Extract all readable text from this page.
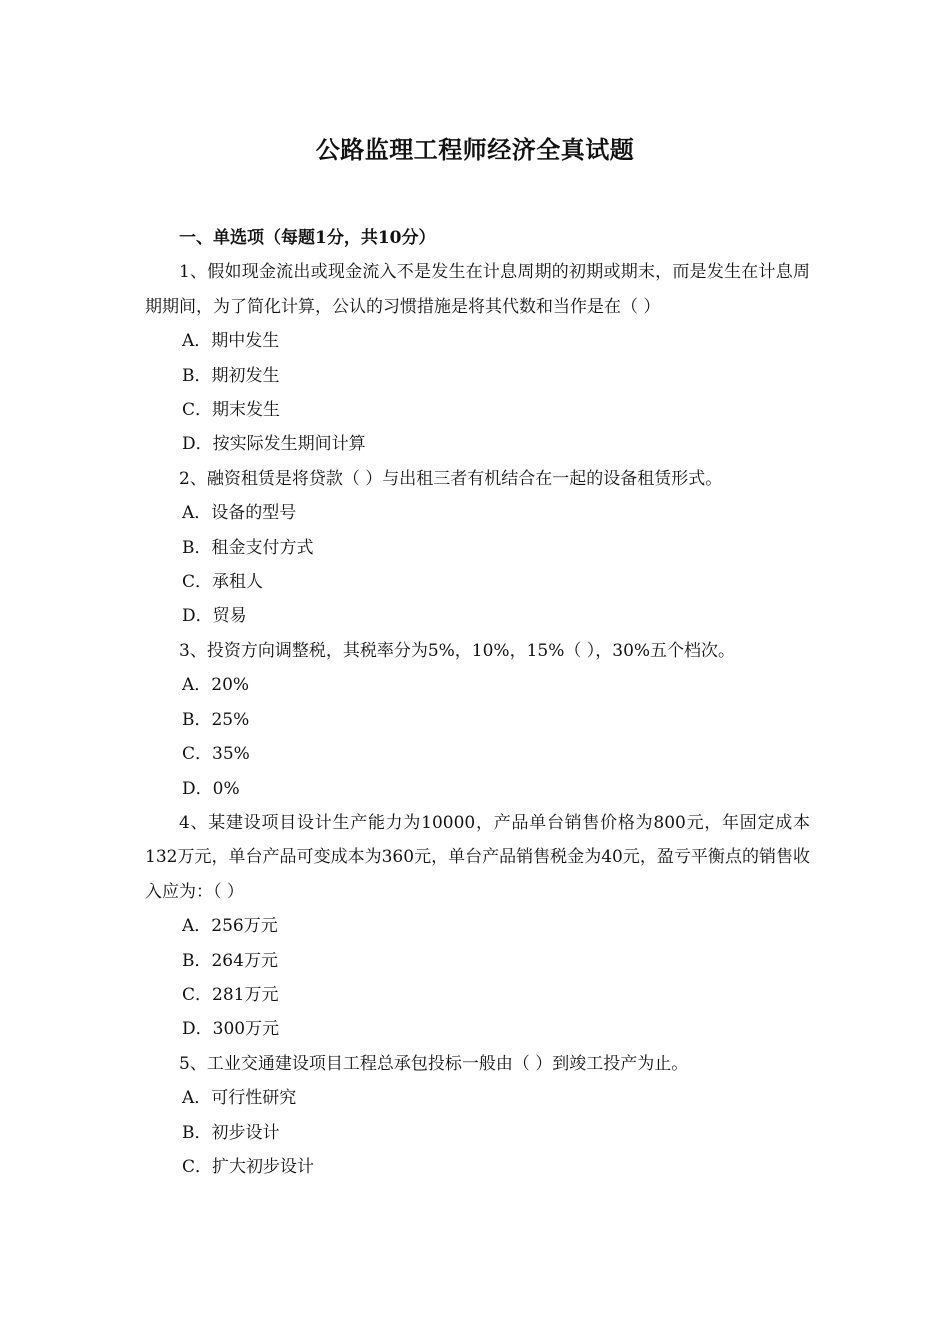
公路监理工程师经济全真试题
一、单选项（每题1分，共10分）

1、假如现金流出或现金流入不是发生在计息周期的初期或期末，而是发生在计息周期期间，为了简化计算，公认的习惯措施是将其代数和当作是在（ ）

A．期中发生

B．期初发生

C．期末发生

D．按实际发生期间计算

2、融资租赁是将贷款（ ）与出租三者有机结合在一起的设备租赁形式。

A．设备的型号

B．租金支付方式

C．承租人

D．贸易

3、投资方向调整税，其税率分为5%，10%，15%（ ），30%五个档次。

A．20%

B．25%

C．35%

D．0%

4、某建设项目设计生产能力为10000，产品单台销售价格为800元，年固定成本132万元，单台产品可变成本为360元，单台产品销售税金为40元，盈亏平衡点的销售收入应为：（ ）

A．256万元

B．264万元

C．281万元

D．300万元

5、工业交通建设项目工程总承包投标一般由（ ）到竣工投产为止。

A．可行性研究

B．初步设计

C．扩大初步设计
